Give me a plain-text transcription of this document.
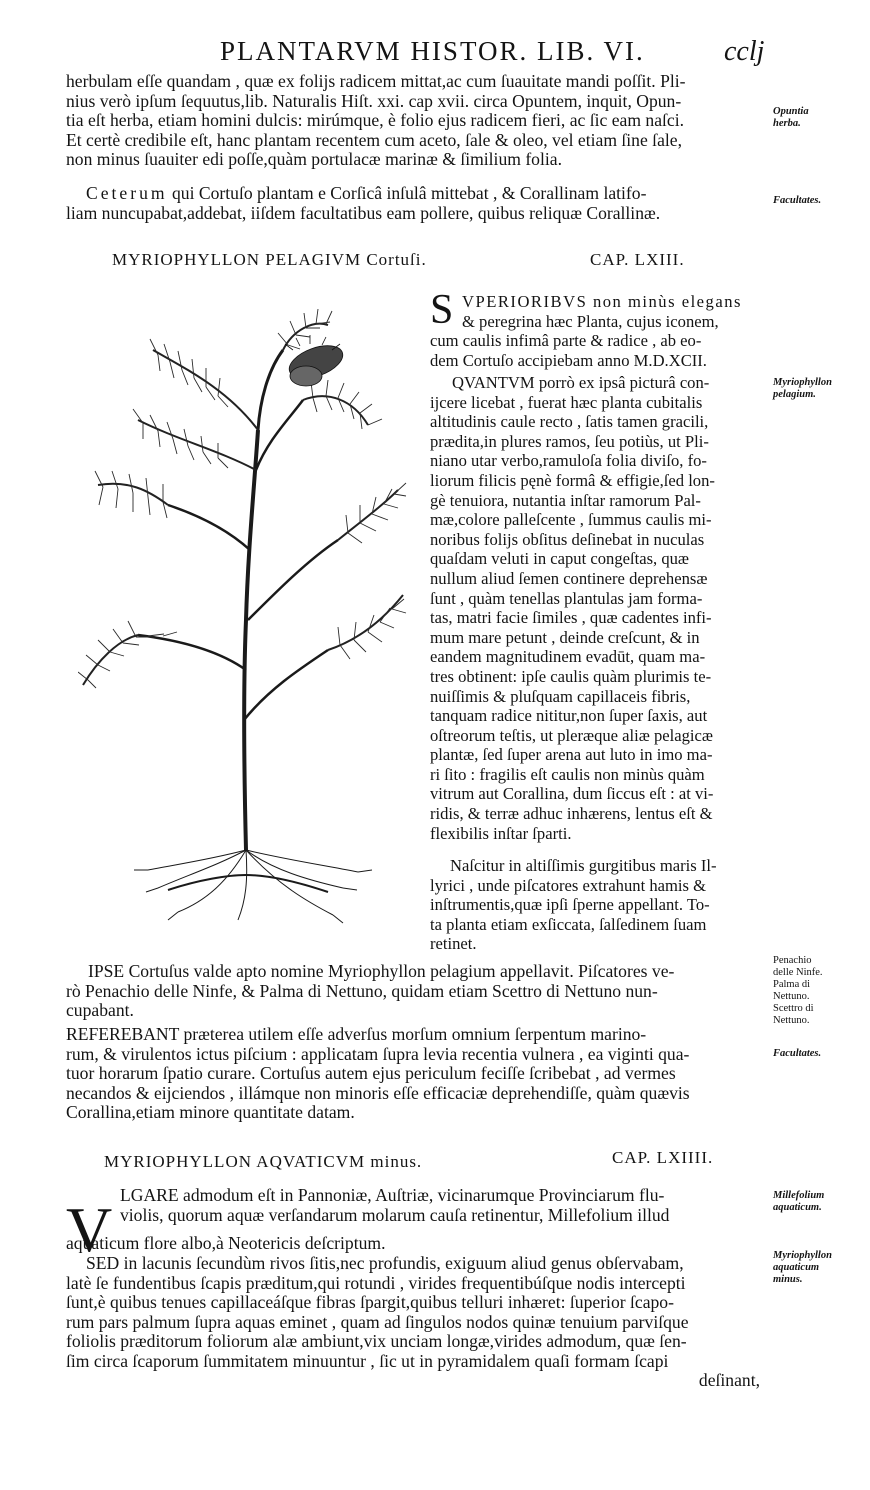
PLANTARVM HISTOR. LIB. VI.	cclj
herbulam eſſe quandam , quæ ex folijs radicem mittat,ac cum ſuauitate mandi poſſit. Pli-
nius verò ipſum ſequutus,lib. Naturalis Hiſt. xxi. cap xvii. circa Opuntem, inquit, Opun-
tia eſt herba, etiam homini dulcis: mirúmque, è folio ejus radicem fieri, ac ſic eam naſci.
Et certè credibile eſt, hanc plantam recentem cum aceto, ſale & oleo, vel etiam ſine ſale,
non minus ſuauiter edi poſſe,quàm portulacæ marinæ & ſimilium folia.
Ceterum qui Cortuſo plantam e Corſicâ inſulâ mittebat , & Corallinam latifo-
liam nuncupabat,addebat, iiſdem facultatibus eam pollere, quibus reliquæ Corallinæ.
Opuntia
herba.
Facultates.
Myriophyllon
pelagium.
Penachio
delle Ninfe.
Palma di
Nettuno.
Scettro di
Nettuno.
Facultates.
Millefolium
aquaticum.
Myriophyllon
aquaticum
minus.
MYRIOPHYLLON PELAGIVM Cortuſi.	CAP. LXIII.
S VPERIORIBVS non minùs elegans
& peregrina hæc Planta, cujus iconem,
cum caulis infimâ parte & radice , ab eo-
dem Cortuſo accipiebam anno M.D.XCII.
QVANTVM porrò ex ipsâ picturâ con-
ijcere licebat , fuerat hæc planta cubitalis
altitudinis caule recto , ſatis tamen gracili,
prædita,in plures ramos, ſeu potiùs, ut Pli-
niano utar verbo,ramuloſa folia diviſo, fo-
liorum filicis pęnè formâ & effigie,ſed lon-
gè tenuiora, nutantia inſtar ramorum Pal-
mæ,colore palleſcente , ſummus caulis mi-
noribus folijs obſitus deſinebat in nuculas
quaſdam veluti in caput congeſtas, quæ
nullum aliud ſemen continere deprehensæ
ſunt , quàm tenellas plantulas jam forma-
tas, matri facie ſimiles , quæ cadentes infi-
mum mare petunt , deinde creſcunt, & in
eandem magnitudinem evadūt, quam ma-
tres obtinent: ipſe caulis quàm plurimis te-
nuiſſimis & pluſquam capillaceis fibris,
tanquam radice nititur,non ſuper ſaxis, aut
oſtreorum teſtis, ut pleræque aliæ pelagicæ
plantæ, ſed ſuper arena aut luto in imo ma-
ri ſito : fragilis eſt caulis non minùs quàm
vitrum aut Corallina, dum ſiccus eſt : at vi-
ridis, & terræ adhuc inhærens, lentus eſt &
flexibilis inſtar ſparti.
Naſcitur in altiſſimis gurgitibus maris Il-
lyrici , unde piſcatores extrahunt hamis &
inſtrumentis,quæ ipſi ſperne appellant. To-
ta planta etiam exſiccata, ſalſedinem ſuam
retinet.
IPSE Cortuſus valde apto nomine Myriophyllon pelagium appellavit. Piſcatores ve-
rò Penachio delle Ninfe, & Palma di Nettuno, quidam etiam Scettro di Nettuno nun-
cupabant.
REFEREBANT præterea utilem eſſe adverſus morſum omnium ſerpentum marino-
rum, & virulentos ictus piſcium : applicatam ſupra levia recentia vulnera , ea viginti qua-
tuor horarum ſpatio curare. Cortuſus autem ejus periculum feciſſe ſcribebat , ad vermes
necandos & eijciendos , illámque non minoris eſſe efficaciæ deprehendiſſe, quàm quævis
Corallina,etiam minore quantitate datam.
MYRIOPHYLLON AQVATICVM minus.	CAP. LXIIII.
V LGARE admodum eſt in Pannoniæ, Auſtriæ, vicinarumque Provinciarum flu-
violis, quorum aquæ verſandarum molarum cauſa retinentur, Millefolium illud
aquaticum flore albo,à Neotericis deſcriptum.
SED in lacunis ſecundùm rivos ſitis,nec profundis, exiguum aliud genus obſervabam,
latè ſe fundentibus ſcapis præditum,qui rotundi , virides frequentibúſque nodis intercepti
ſunt,è quibus tenues capillaceáſque fibras ſpargit,quibus telluri inhæret: ſuperior ſcapo-
rum pars palmum ſupra aquas eminet , quam ad ſingulos nodos quinæ tenuium parviſque
foliolis præditorum foliorum alæ ambiunt,vix unciam longæ,virides admodum, quæ ſen-
ſim circa ſcaporum ſummitatem minuuntur , ſic ut in pyramidalem quaſi formam ſcapi
deſinant,
